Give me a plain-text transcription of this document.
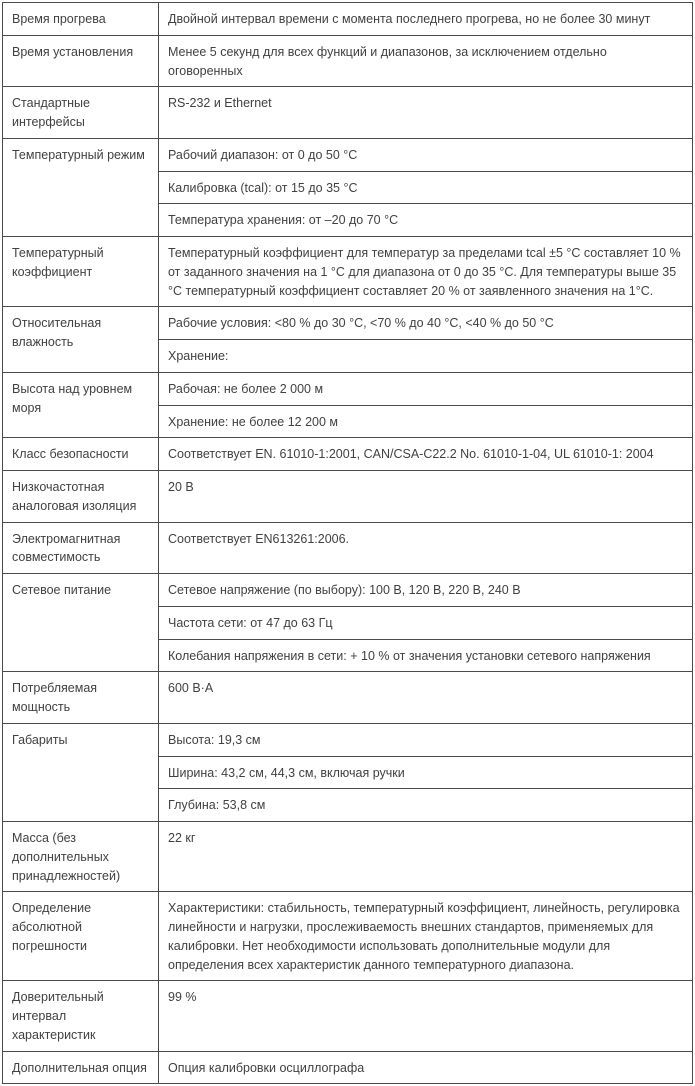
Время прогрева	Двойной интервал времени с момента последнего прогрева, но не более 30 минут
Время установления	Менее 5 секунд для всех функций и диапазонов, за исключением отдельно оговоренных
Стандартные интерфейсы	RS-232 и Ethernet
Температурный режим	Рабочий диапазон: от 0 до 50 °C
	Калибровка (tcal): от 15 до 35 °C
	Температура хранения: от –20 до 70 °C
Температурный коэффициент	Температурный коэффициент для температур за пределами tcal ±5 °C составляет 10 % от заданного значения на 1 °C для диапазона от 0 до 35 °C. Для температуры выше 35 °C температурный коэффициент составляет 20 % от заявленного значения на 1°C.
Относительная влажность	Рабочие условия: <80 % до 30 °C, <70 % до 40 °C, <40 % до 50 °C
	Хранение:
Высота над уровнем моря	Рабочая: не более 2 000 м
	Хранение: не более 12 200 м
Класс безопасности	Соответствует EN. 61010-1:2001, CAN/CSA-C22.2 No. 61010-1-04, UL 61010-1: 2004
Низкочастотная аналоговая изоляция	20 В
Электромагнитная совместимость	Соответствует EN613261:2006.
Сетевое питание	Сетевое напряжение (по выбору): 100 В, 120 В, 220 В, 240 В
	Частота сети: от 47 до 63 Гц
	Колебания напряжения в сети: + 10 % от значения установки сетевого напряжения
Потребляемая мощность	600 В·А
Габариты	Высота: 19,3 см
	Ширина: 43,2 см, 44,3 см, включая ручки
	Глубина: 53,8 см
Масса (без дополнительных принадлежностей)	22 кг
Определение абсолютной погрешности	Характеристики: стабильность, температурный коэффициент, линейность, регулировка линейности и нагрузки, прослеживаемость внешних стандартов, применяемых для калибровки. Нет необходимости использовать дополнительные модули для определения всех характеристик данного температурного диапазона.
Доверительный интервал характеристик	99 %
Дополнительная опция	Опция калибровки осциллографа
